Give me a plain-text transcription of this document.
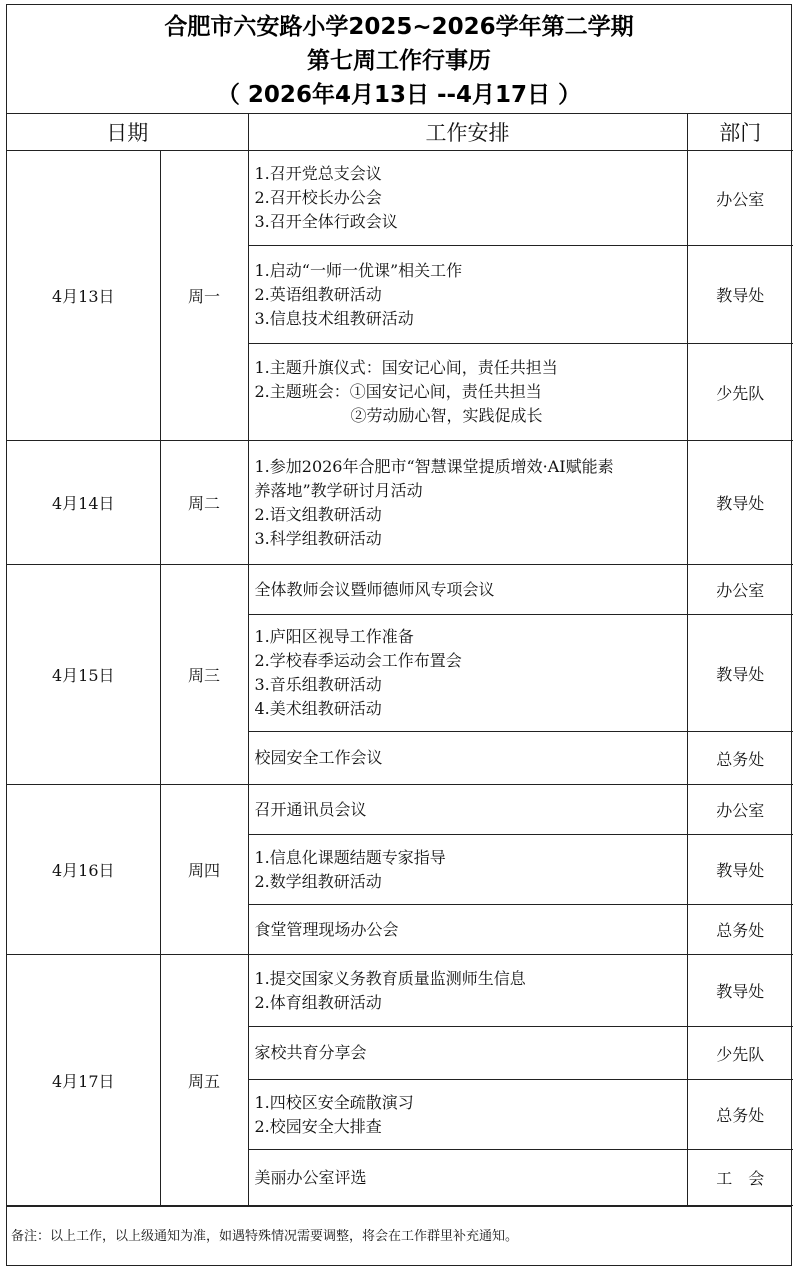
合肥市六安路小学2025~2026学年第二学期
第七周工作行事历
（ 2026年4月13日 --4月17日 ）
日期		工作安排	部门
4月13日	周一	1.召开党总支会议
2.召开校长办公会
3.召开全体行政会议	办公室

		1.启动“一师一优课”相关工作
2.英语组教研活动
3.信息技术组教研活动	教导处

		1.主题升旗仪式：国安记心间，责任共担当
2.主题班会：①国安记心间，责任共担当
　　　　　　②劳动励心智，实践促成长	少先队
4月14日	周二	1.参加2026年合肥市“智慧课堂提质增效·AI赋能素
养落地”教学研讨月活动
2.语文组教研活动
3.科学组教研活动	教导处
4月15日	周三	全体教师会议暨师德师风专项会议	办公室

		1.庐阳区视导工作准备
2.学校春季运动会工作布置会
3.音乐组教研活动
4.美术组教研活动	教导处

		校园安全工作会议	总务处
4月16日	周四	召开通讯员会议	办公室

		1.信息化课题结题专家指导
2.数学组教研活动	教导处

		食堂管理现场办公会	总务处
4月17日	周五	1.提交国家义务教育质量监测师生信息
2.体育组教研活动	教导处

		家校共育分享会	少先队

		1.四校区安全疏散演习
2.校园安全大排查	总务处

		美丽办公室评选	工　会
备注：以上工作，以上级通知为准，如遇特殊情况需要调整，将会在工作群里补充通知。
